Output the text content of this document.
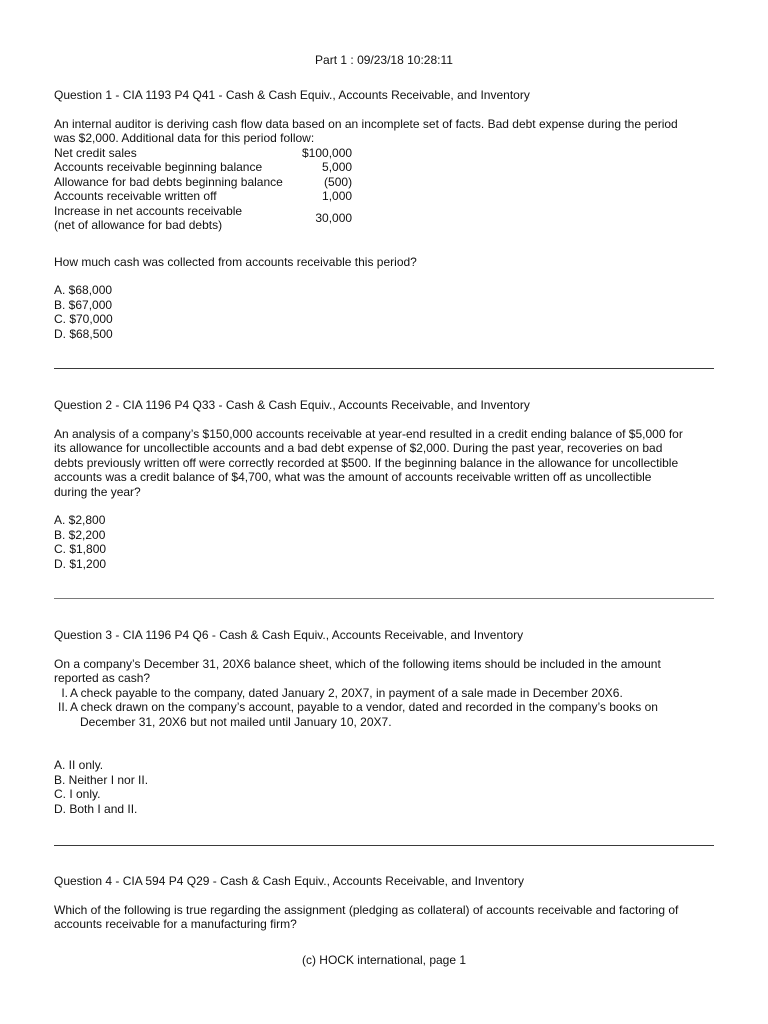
Part 1 : 09/23/18 10:28:11

Question 1 - CIA 1193 P4 Q41 - Cash & Cash Equiv., Accounts Receivable, and Inventory

An internal auditor is deriving cash flow data based on an incomplete set of facts. Bad debt expense during the period
was $2,000. Additional data for this period follow:

Net credit sales	$100,000
Accounts receivable beginning balance	5,000
Allowance for bad debts beginning balance	(500)
Accounts receivable written off	1,000
Increase in net accounts receivable
(net of allowance for bad debts)	30,000

How much cash was collected from accounts receivable this period?

A. $68,000
B. $67,000
C. $70,000
D. $68,500

Question 2 - CIA 1196 P4 Q33 - Cash & Cash Equiv., Accounts Receivable, and Inventory

An analysis of a company’s $150,000 accounts receivable at year-end resulted in a credit ending balance of $5,000 for
its allowance for uncollectible accounts and a bad debt expense of $2,000. During the past year, recoveries on bad
debts previously written off were correctly recorded at $500. If the beginning balance in the allowance for uncollectible
accounts was a credit balance of $4,700, what was the amount of accounts receivable written off as uncollectible
during the year?

A. $2,800
B. $2,200
C. $1,800
D. $1,200

Question 3 - CIA 1196 P4 Q6 - Cash & Cash Equiv., Accounts Receivable, and Inventory

On a company’s December 31, 20X6 balance sheet, which of the following items should be included in the amount
reported as cash?

I. A check payable to the company, dated January 2, 20X7, in payment of a sale made in December 20X6.
II. A check drawn on the company’s account, payable to a vendor, dated and recorded in the company’s books on
December 31, 20X6 but not mailed until January 10, 20X7.
A. II only.
B. Neither I nor II.
C. I only.
D. Both I and II.

Question 4 - CIA 594 P4 Q29 - Cash & Cash Equiv., Accounts Receivable, and Inventory

Which of the following is true regarding the assignment (pledging as collateral) of accounts receivable and factoring of
accounts receivable for a manufacturing firm?

(c) HOCK international, page 1
